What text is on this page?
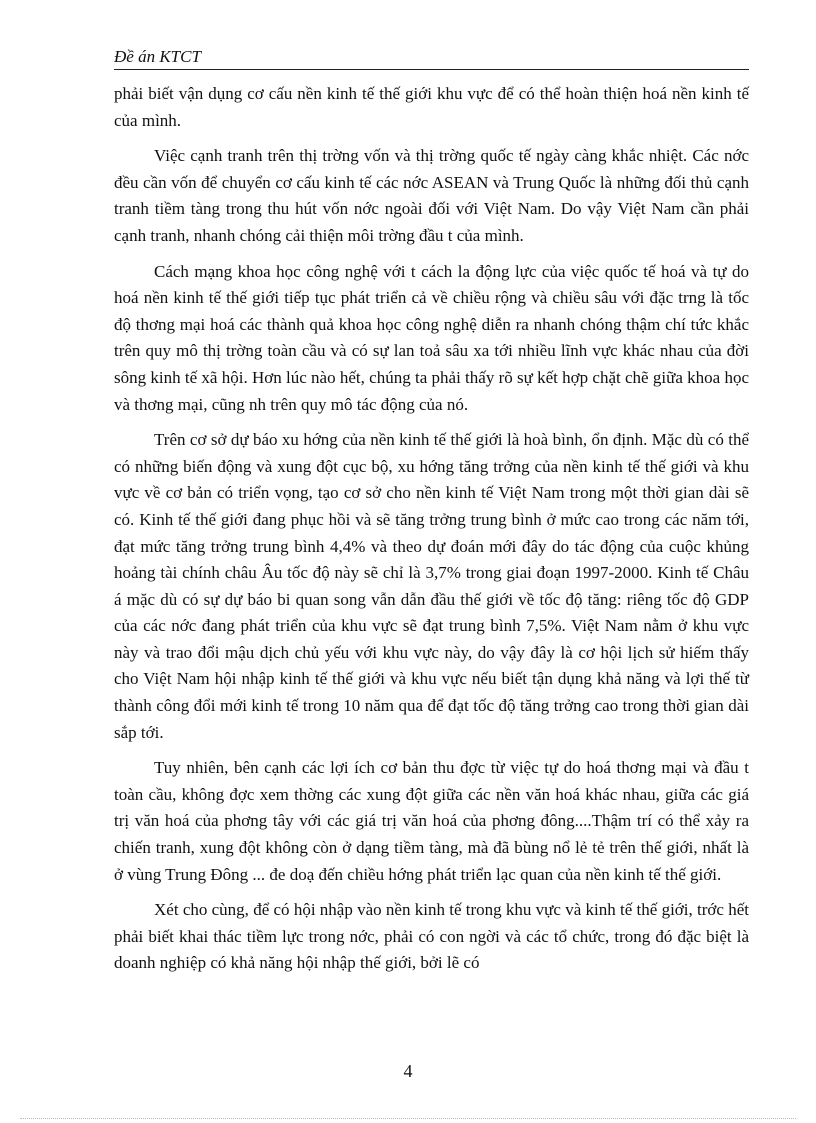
Đề án KTCT

phải biết vận dụng cơ cấu nền kinh tế thế giới khu vực để có thể hoàn thiện hoá nền kinh tế của mình.

Việc cạnh tranh trên thị trờng vốn và thị trờng quốc tế ngày càng khắc nhiệt. Các nớc đều cần vốn để chuyển cơ cấu kinh tế các nớc ASEAN và Trung Quốc là những đối thủ cạnh tranh tiềm tàng trong thu hút vốn nớc ngoài đối với Việt Nam. Do vậy Việt Nam cần phải cạnh tranh, nhanh chóng cải thiện môi trờng đầu t của mình.

Cách mạng khoa học công nghệ với t cách la động lực của việc quốc tế hoá và tự do hoá nền kinh tế thế giới tiếp tục phát triển cả về chiều rộng và chiều sâu với đặc trng là tốc độ thơng mại hoá các thành quả khoa học công nghệ diễn ra nhanh chóng thậm chí tức khắc trên quy mô thị trờng toàn cầu và có sự lan toả sâu xa tới nhiều lĩnh vực khác nhau của đời sông kinh tế xã hội. Hơn lúc nào hết, chúng ta phải thấy rõ sự kết hợp chặt chẽ giữa khoa học và thơng mại, cũng nh trên quy mô tác động của nó.

Trên cơ sở dự báo xu hớng của nền kinh tế thế giới là hoà bình, ổn định. Mặc dù có thể có những biến động và xung đột cục bộ, xu hớng tăng trởng của nền kinh tế thế giới và khu vực về cơ bản có triển vọng, tạo cơ sở cho nền kinh tế Việt Nam trong một thời gian dài sẽ có. Kinh tế thế giới đang phục hồi và sẽ tăng trởng trung bình ở mức cao trong các năm tới, đạt mức tăng trởng trung bình 4,4% và theo dự đoán mới đây do tác động của cuộc khủng hoảng tài chính châu Âu tốc độ này sẽ chỉ là 3,7% trong giai đoạn 1997-2000. Kinh tế Châu á mặc dù có sự dự báo bi quan song vẫn dẫn đầu thế giới về tốc độ tăng: riêng tốc độ GDP của các nớc đang phát triển của khu vực sẽ đạt trung bình 7,5%. Việt Nam nằm ở khu vực này và trao đổi mậu dịch chủ yếu với khu vực này, do vậy đây là cơ hội lịch sử hiếm thấy cho Việt Nam hội nhập kinh tế thế giới và khu vực nếu biết tận dụng khả năng và lợi thế từ thành công đổi mới kinh tế trong 10 năm qua để đạt tốc độ tăng trởng cao trong thời gian dài sắp tới.

Tuy nhiên, bên cạnh các lợi ích cơ bản thu đợc từ việc tự do hoá thơng mại và đầu t toàn cầu, không đợc xem thờng các xung đột giữa các nền văn hoá khác nhau, giữa các giá trị văn hoá của phơng tây với các giá trị văn hoá của phơng đông....Thậm trí có thể xảy ra chiến tranh, xung đột không còn ở dạng tiềm tàng, mà đã bùng nổ lẻ tẻ trên thế giới, nhất là ở vùng Trung Đông ... đe doạ đến chiều hớng phát triển lạc quan của nền kinh tế thế giới.

Xét cho cùng, để có hội nhập vào nền kinh tế trong khu vực và kinh tế thế giới, trớc hết phải biết khai thác tiềm lực trong nớc, phải có con ngời và các tổ chức, trong đó đặc biệt là doanh nghiệp có khả năng hội nhập thế giới, bởi lẽ có

4
